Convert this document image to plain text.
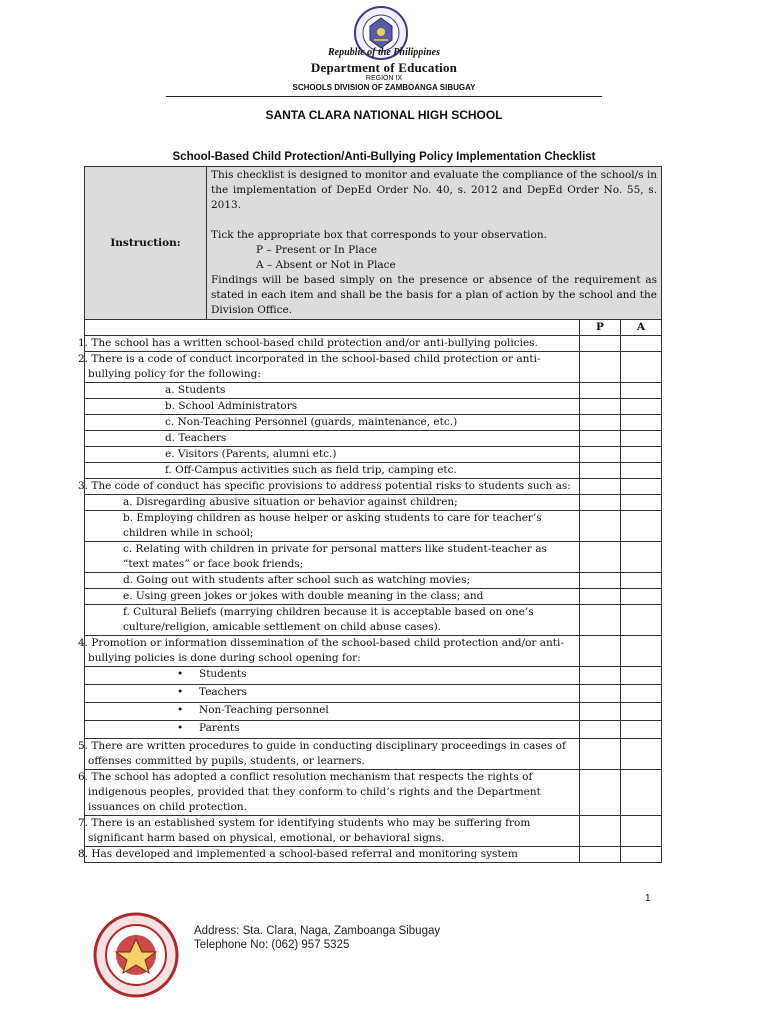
Republic of the Philippines
Department of Education
REGION IX
SCHOOLS DIVISION OF ZAMBOANGA SIBUGAY
SANTA CLARA NATIONAL HIGH SCHOOL
School-Based Child Protection/Anti-Bullying Policy Implementation Checklist
Instruction:	This checklist is designed to monitor and evaluate the compliance of the school/s in the implementation of DepEd Order No. 40, s. 2012 and DepEd Order No. 55, s. 2013.

Tick the appropriate box that corresponds to your observation.

P – Present or In Place

A – Absent or Not in Place

Findings will be based simply on the presence or absence of the requirement as stated in each item and shall be the basis for a plan of action by the school and the Division Office.		

		P	A
1. The school has a written school-based child protection and/or anti-bullying policies.			
2. There is a code of conduct incorporated in the school-based child protection or anti-bullying policy for the following:			
a. Students			
b. School Administrators			
c. Non-Teaching Personnel (guards, maintenance, etc.)			
d. Teachers			
e. Visitors (Parents, alumni etc.)			
f. Off-Campus activities such as field trip, camping etc.			
3. The code of conduct has specific provisions to address potential risks to students such as:			
a. Disregarding abusive situation or behavior against children;			
b. Employing children as house helper or asking students to care for teacher’s children while in school;			
c. Relating with children in private for personal matters like student-teacher as “text mates” or face book friends;			
d. Going out with students after school such as watching movies;			
e. Using green jokes or jokes with double meaning in the class; and			
f. Cultural Beliefs (marrying children because it is acceptable based on one’s culture/religion, amicable settlement on child abuse cases).			
4. Promotion or information dissemination of the school-based child protection and/or anti-bullying policies is done during school opening for:			
• Students			
• Teachers			
• Non-Teaching personnel			
• Parents			
5. There are written procedures to guide in conducting disciplinary proceedings in cases of offenses committed by pupils, students, or learners.			
6. The school has adopted a conflict resolution mechanism that respects the rights of indigenous peoples, provided that they conform to child’s rights and the Department issuances on child protection.			
7. There is an established system for identifying students who may be suffering from significant harm based on physical, emotional, or behavioral signs.			
8. Has developed and implemented a school-based referral and monitoring system			
1
Address: Sta. Clara, Naga, Zamboanga Sibugay
Telephone No: (062) 957 5325
